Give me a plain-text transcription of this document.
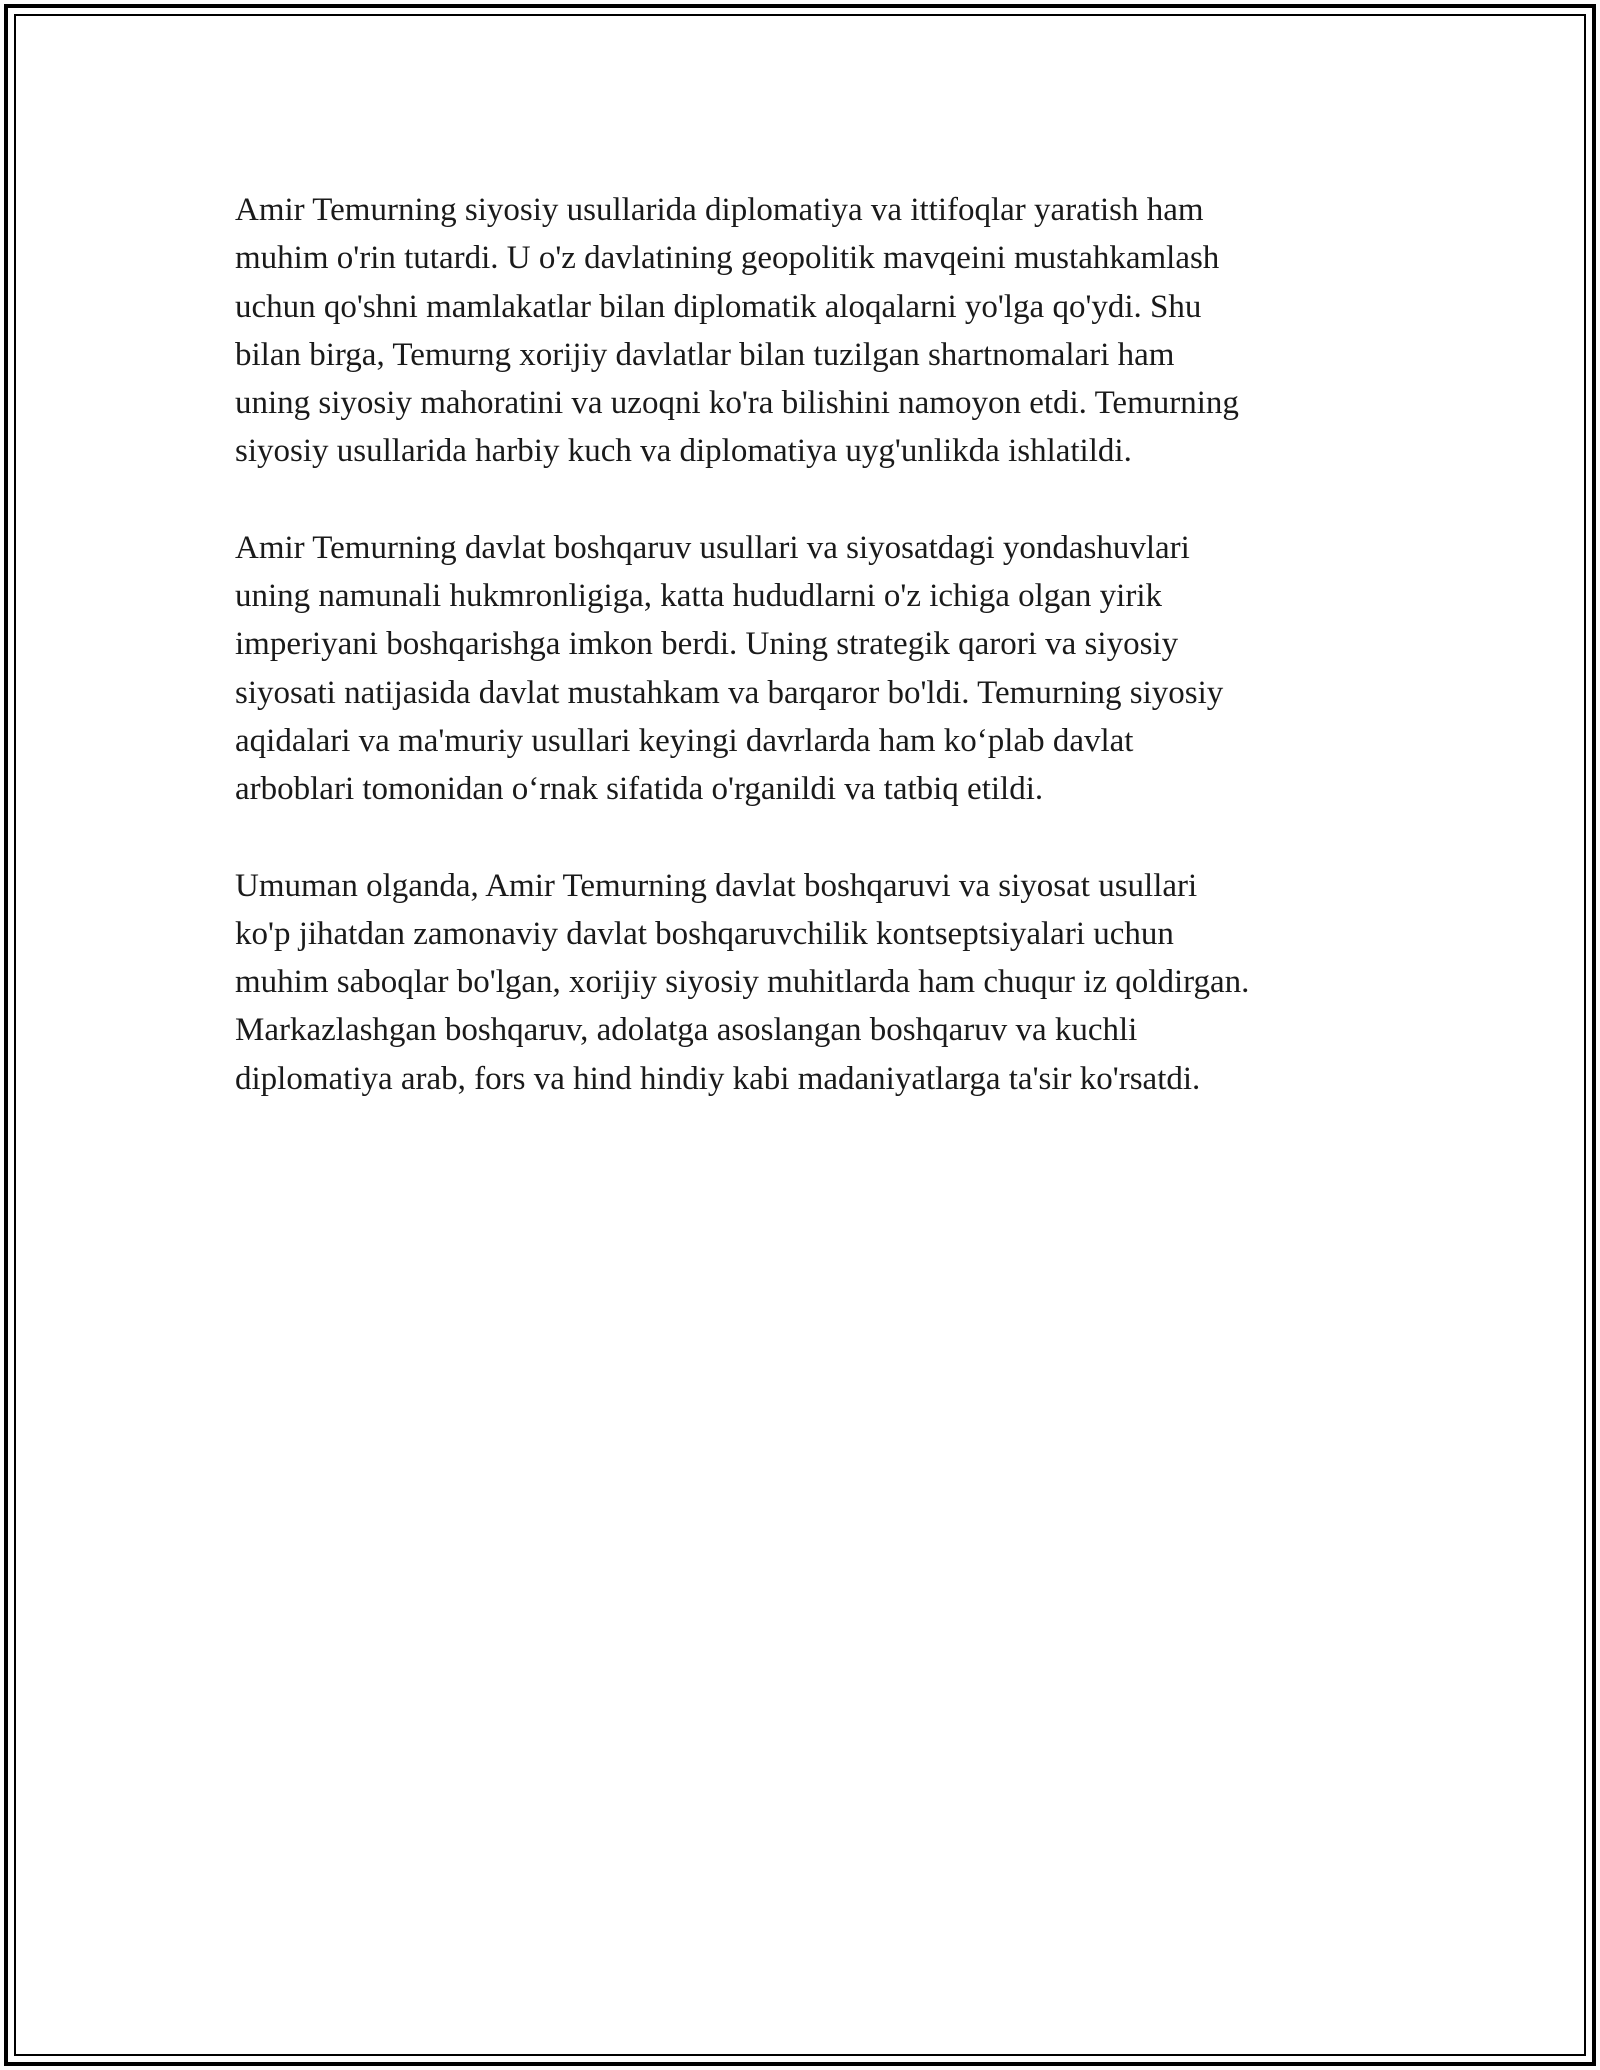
Amir Temurning siyosiy usullarida diplomatiya va ittifoqlar yaratish ham
muhim o'rin tutardi. U o'z davlatining geopolitik mavqeini mustahkamlash
uchun qo'shni mamlakatlar bilan diplomatik aloqalarni yo'lga qo'ydi. Shu
bilan birga, Temurng xorijiy davlatlar bilan tuzilgan shartnomalari ham
uning siyosiy mahoratini va uzoqni ko'ra bilishini namoyon etdi. Temurning
siyosiy usullarida harbiy kuch va diplomatiya uyg'unlikda ishlatildi.

Amir Temurning davlat boshqaruv usullari va siyosatdagi yondashuvlari
uning namunali hukmronligiga, katta hududlarni o'z ichiga olgan yirik
imperiyani boshqarishga imkon berdi. Uning strategik qarori va siyosiy
siyosati natijasida davlat mustahkam va barqaror bo'ldi. Temurning siyosiy
aqidalari va ma'muriy usullari keyingi davrlarda ham ko‘plab davlat
arboblari tomonidan o‘rnak sifatida o'rganildi va tatbiq etildi.

Umuman olganda, Amir Temurning davlat boshqaruvi va siyosat usullari
ko'p jihatdan zamonaviy davlat boshqaruvchilik kontseptsiyalari uchun
muhim saboqlar bo'lgan, xorijiy siyosiy muhitlarda ham chuqur iz qoldirgan.
Markazlashgan boshqaruv, adolatga asoslangan boshqaruv va kuchli
diplomatiya arab, fors va hind hindiy kabi madaniyatlarga ta'sir ko'rsatdi.
